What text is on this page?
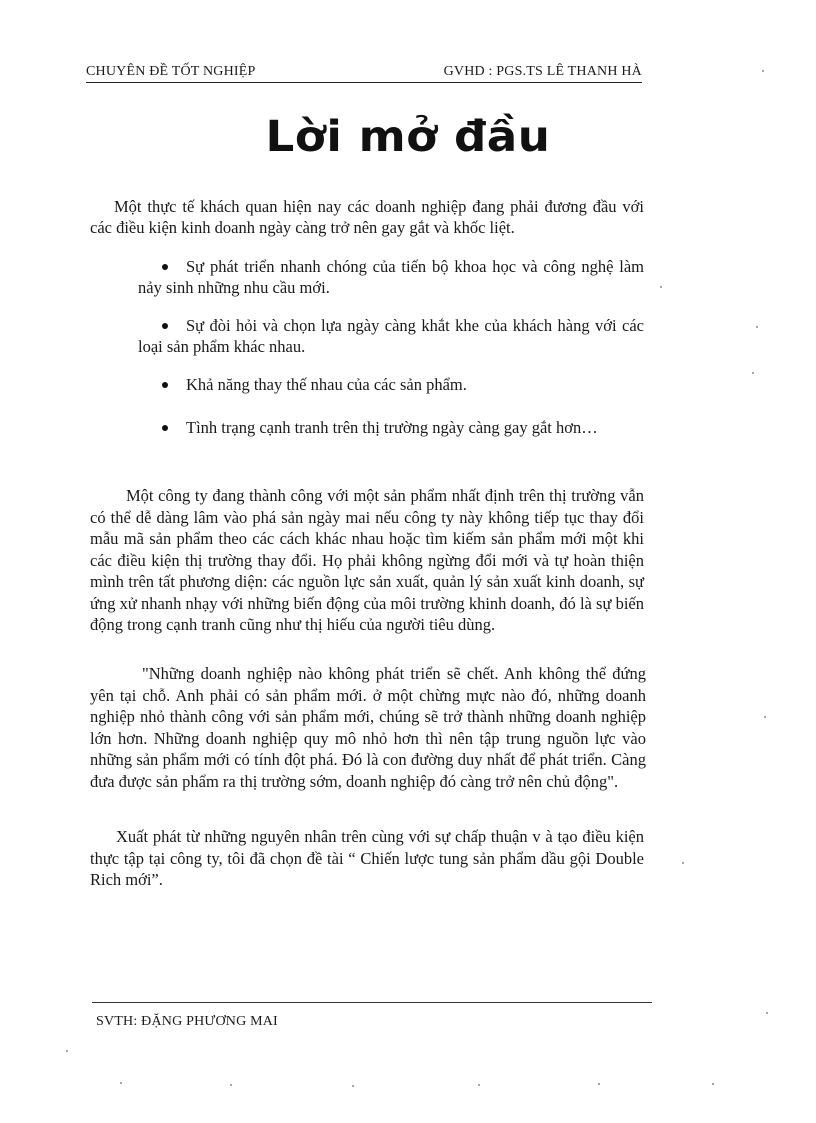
CHUYÊN ĐỀ TỐT NGHIỆP	GVHD : PGS.TS LÊ THANH HÀ
Lời mở đầu

Một thực tế khách quan hiện nay các doanh nghiệp đang phải đương đầu với các điều kiện kinh doanh ngày càng trở nên gay gắt và khốc liệt.

Sự phát triển nhanh chóng của tiến bộ khoa học và công nghệ làm nảy sinh những nhu cầu mới.
Sự đòi hỏi và chọn lựa ngày càng khắt khe của khách hàng với các loại sản phẩm khác nhau.
Khả năng thay thế nhau của các sản phẩm.
Tình trạng cạnh tranh trên thị trường ngày càng gay gắt hơn…

Một công ty đang thành công với một sản phẩm nhất định trên thị trường vẫn có thể dễ dàng lâm vào phá sản ngày mai nếu công ty này không tiếp tục thay đổi mẫu mã sản phẩm theo các cách khác nhau hoặc tìm kiếm sản phẩm mới một khi các điều kiện thị trường thay đổi. Họ phải không ngừng đổi mới và tự hoàn thiện mình trên tất phương diện: các nguồn lực sản xuất, quản lý sản xuất kinh doanh, sự ứng xử nhanh nhạy với những biến động của môi trường khinh doanh, đó là sự biến động trong cạnh tranh cũng như thị hiếu của người tiêu dùng.

"Những doanh nghiệp nào không phát triển sẽ chết. Anh không thể đứng yên tại chỗ. Anh phải có sản phẩm mới. ở một chừng mực nào đó, những doanh nghiệp nhỏ thành công với sản phẩm mới, chúng sẽ trở thành những doanh nghiệp lớn hơn. Những doanh nghiệp quy mô nhỏ hơn thì nên tập trung nguồn lực vào những sản phẩm mới có tính đột phá. Đó là con đường duy nhất để phát triển. Càng đưa được sản phẩm ra thị trường sớm, doanh nghiệp đó càng trở nên chủ động".

Xuất phát từ những nguyên nhân trên cùng với sự chấp thuận v à tạo điều kiện thực tập tại công ty, tôi đã chọn đề tài “ Chiến lược tung sản phẩm dầu gội Double Rich mới”.

SVTH: ĐẶNG PHƯƠNG MAI
